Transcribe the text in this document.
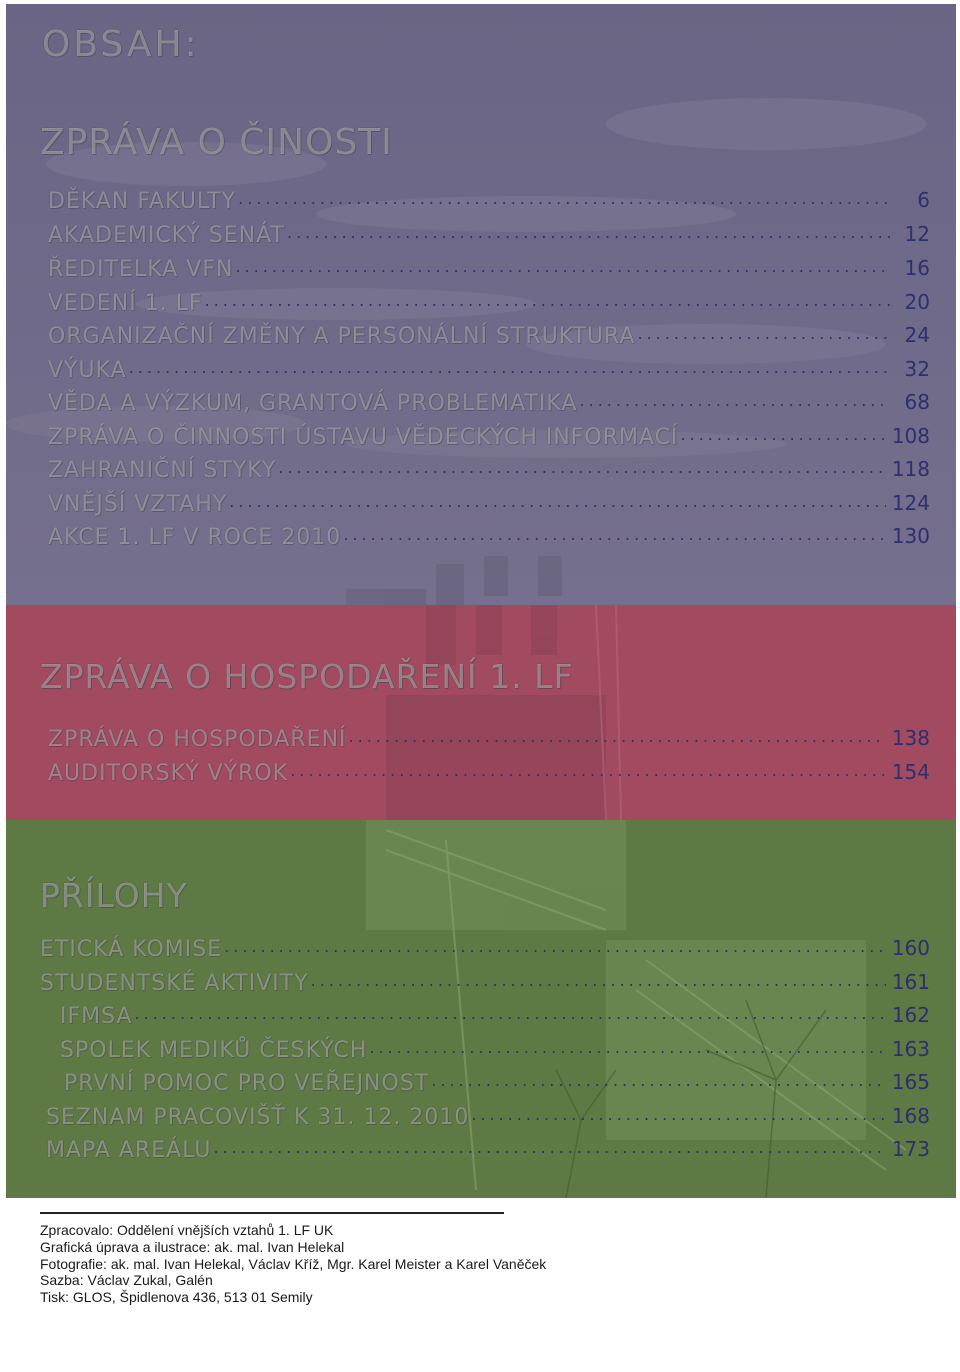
OBSAH:
ZPRÁVA O ČINOSTI
ZPRÁVA O HOSPODAŘENÍ 1. LF
PŘÍLOHY
DĚKAN FAKULTY .....	6
AKADEMICKÝ SENÁT .....	12
ŘEDITELKA VFN .....	16
VEDENÍ 1. LF .....	20
ORGANIZAČNÍ ZMĚNY A PERSONÁLNÍ STRUKTURA .....	24
VÝUKA .....	32
VĚDA A VÝZKUM, GRANTOVÁ PROBLEMATIKA .....	68
ZPRÁVA O ČINNOSTI ÚSTAVU VĚDECKÝCH INFORMACÍ .....	108
ZAHRANIČNÍ STYKY .....	118
VNĚJŠÍ VZTAHY .....	124
AKCE 1. LF V ROCE 2010 .....	130
ZPRÁVA O HOSPODAŘENÍ .....	138
AUDITORSKÝ VÝROK .....	154
ETICKÁ KOMISE .....	160
STUDENTSKÉ AKTIVITY .....	161
IFMSA .....	162
SPOLEK MEDIKŮ ČESKÝCH .....	163
PRVNÍ POMOC PRO VEŘEJNOST .....	165
SEZNAM PRACOVIŠŤ K 31. 12. 2010 .....	168
MAPA AREÁLU .....	173
Zpracovalo: Oddělení vnějších vztahů 1. LF UK
Grafická úprava a ilustrace: ak. mal. Ivan Helekal
Fotografie: ak. mal. Ivan Helekal, Václav Kříž, Mgr. Karel Meister a Karel Vaněček
Sazba: Václav Zukal, Galén
Tisk: GLOS, Špidlenova 436, 513 01 Semily
